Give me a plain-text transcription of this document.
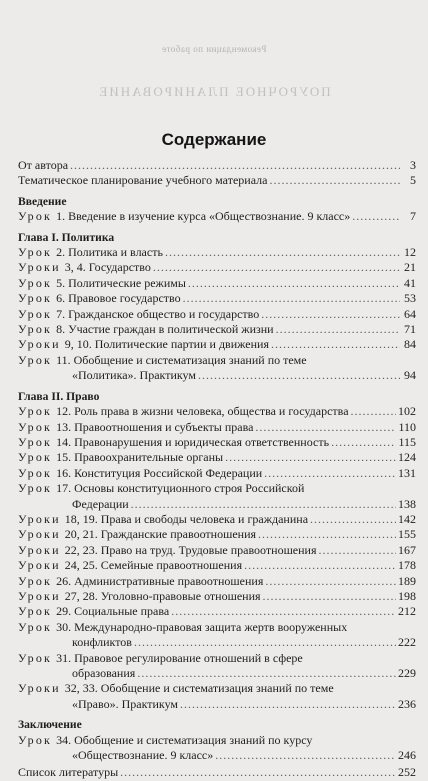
Рекомендации по работе
ПОУРОЧНОЕ ПЛАНИРОВАНИЕ
Содержание
От автора .....	3
Тематическое планирование учебного материала .....	5
Введение
Урок 1. Введение в изучение курса «Обществознание. 9 класс» .....	7
Глава I. Политика
Урок 2. Политика и власть .....	12
Уроки 3, 4. Государство .....	21
Урок 5. Политические режимы .....	41
Урок 6. Правовое государство .....	53
Урок 7. Гражданское общество и государство .....	64
Урок 8. Участие граждан в политической жизни .....	71
Уроки 9, 10. Политические партии и движения .....	84
Урок 11. Обобщение и систематизация знаний по теме
«Политика». Практикум .....	94
Глава II. Право
Урок 12. Роль права в жизни человека, общества и государства .....	102
Урок 13. Правоотношения и субъекты права .....	110
Урок 14. Правонарушения и юридическая ответственность .....	115
Урок 15. Правоохранительные органы .....	124
Урок 16. Конституция Российской Федерации .....	131
Урок 17. Основы конституционного строя Российской
Федерации .....	138
Уроки 18, 19. Права и свободы человека и гражданина .....	142
Уроки 20, 21. Гражданские правоотношения .....	155
Уроки 22, 23. Право на труд. Трудовые правоотношения .....	167
Уроки 24, 25. Семейные правоотношения .....	178
Урок 26. Административные правоотношения .....	189
Уроки 27, 28. Уголовно-правовые отношения .....	198
Урок 29. Социальные права .....	212
Урок 30. Международно-правовая защита жертв вооруженных
конфликтов .....	222
Урок 31. Правовое регулирование отношений в сфере
образования .....	229
Уроки 32, 33. Обобщение и систематизация знаний по теме
«Право». Практикум .....	236
Заключение
Урок 34. Обобщение и систематизация знаний по курсу
«Обществознание. 9 класс» .....	246
Список литературы .....	252
